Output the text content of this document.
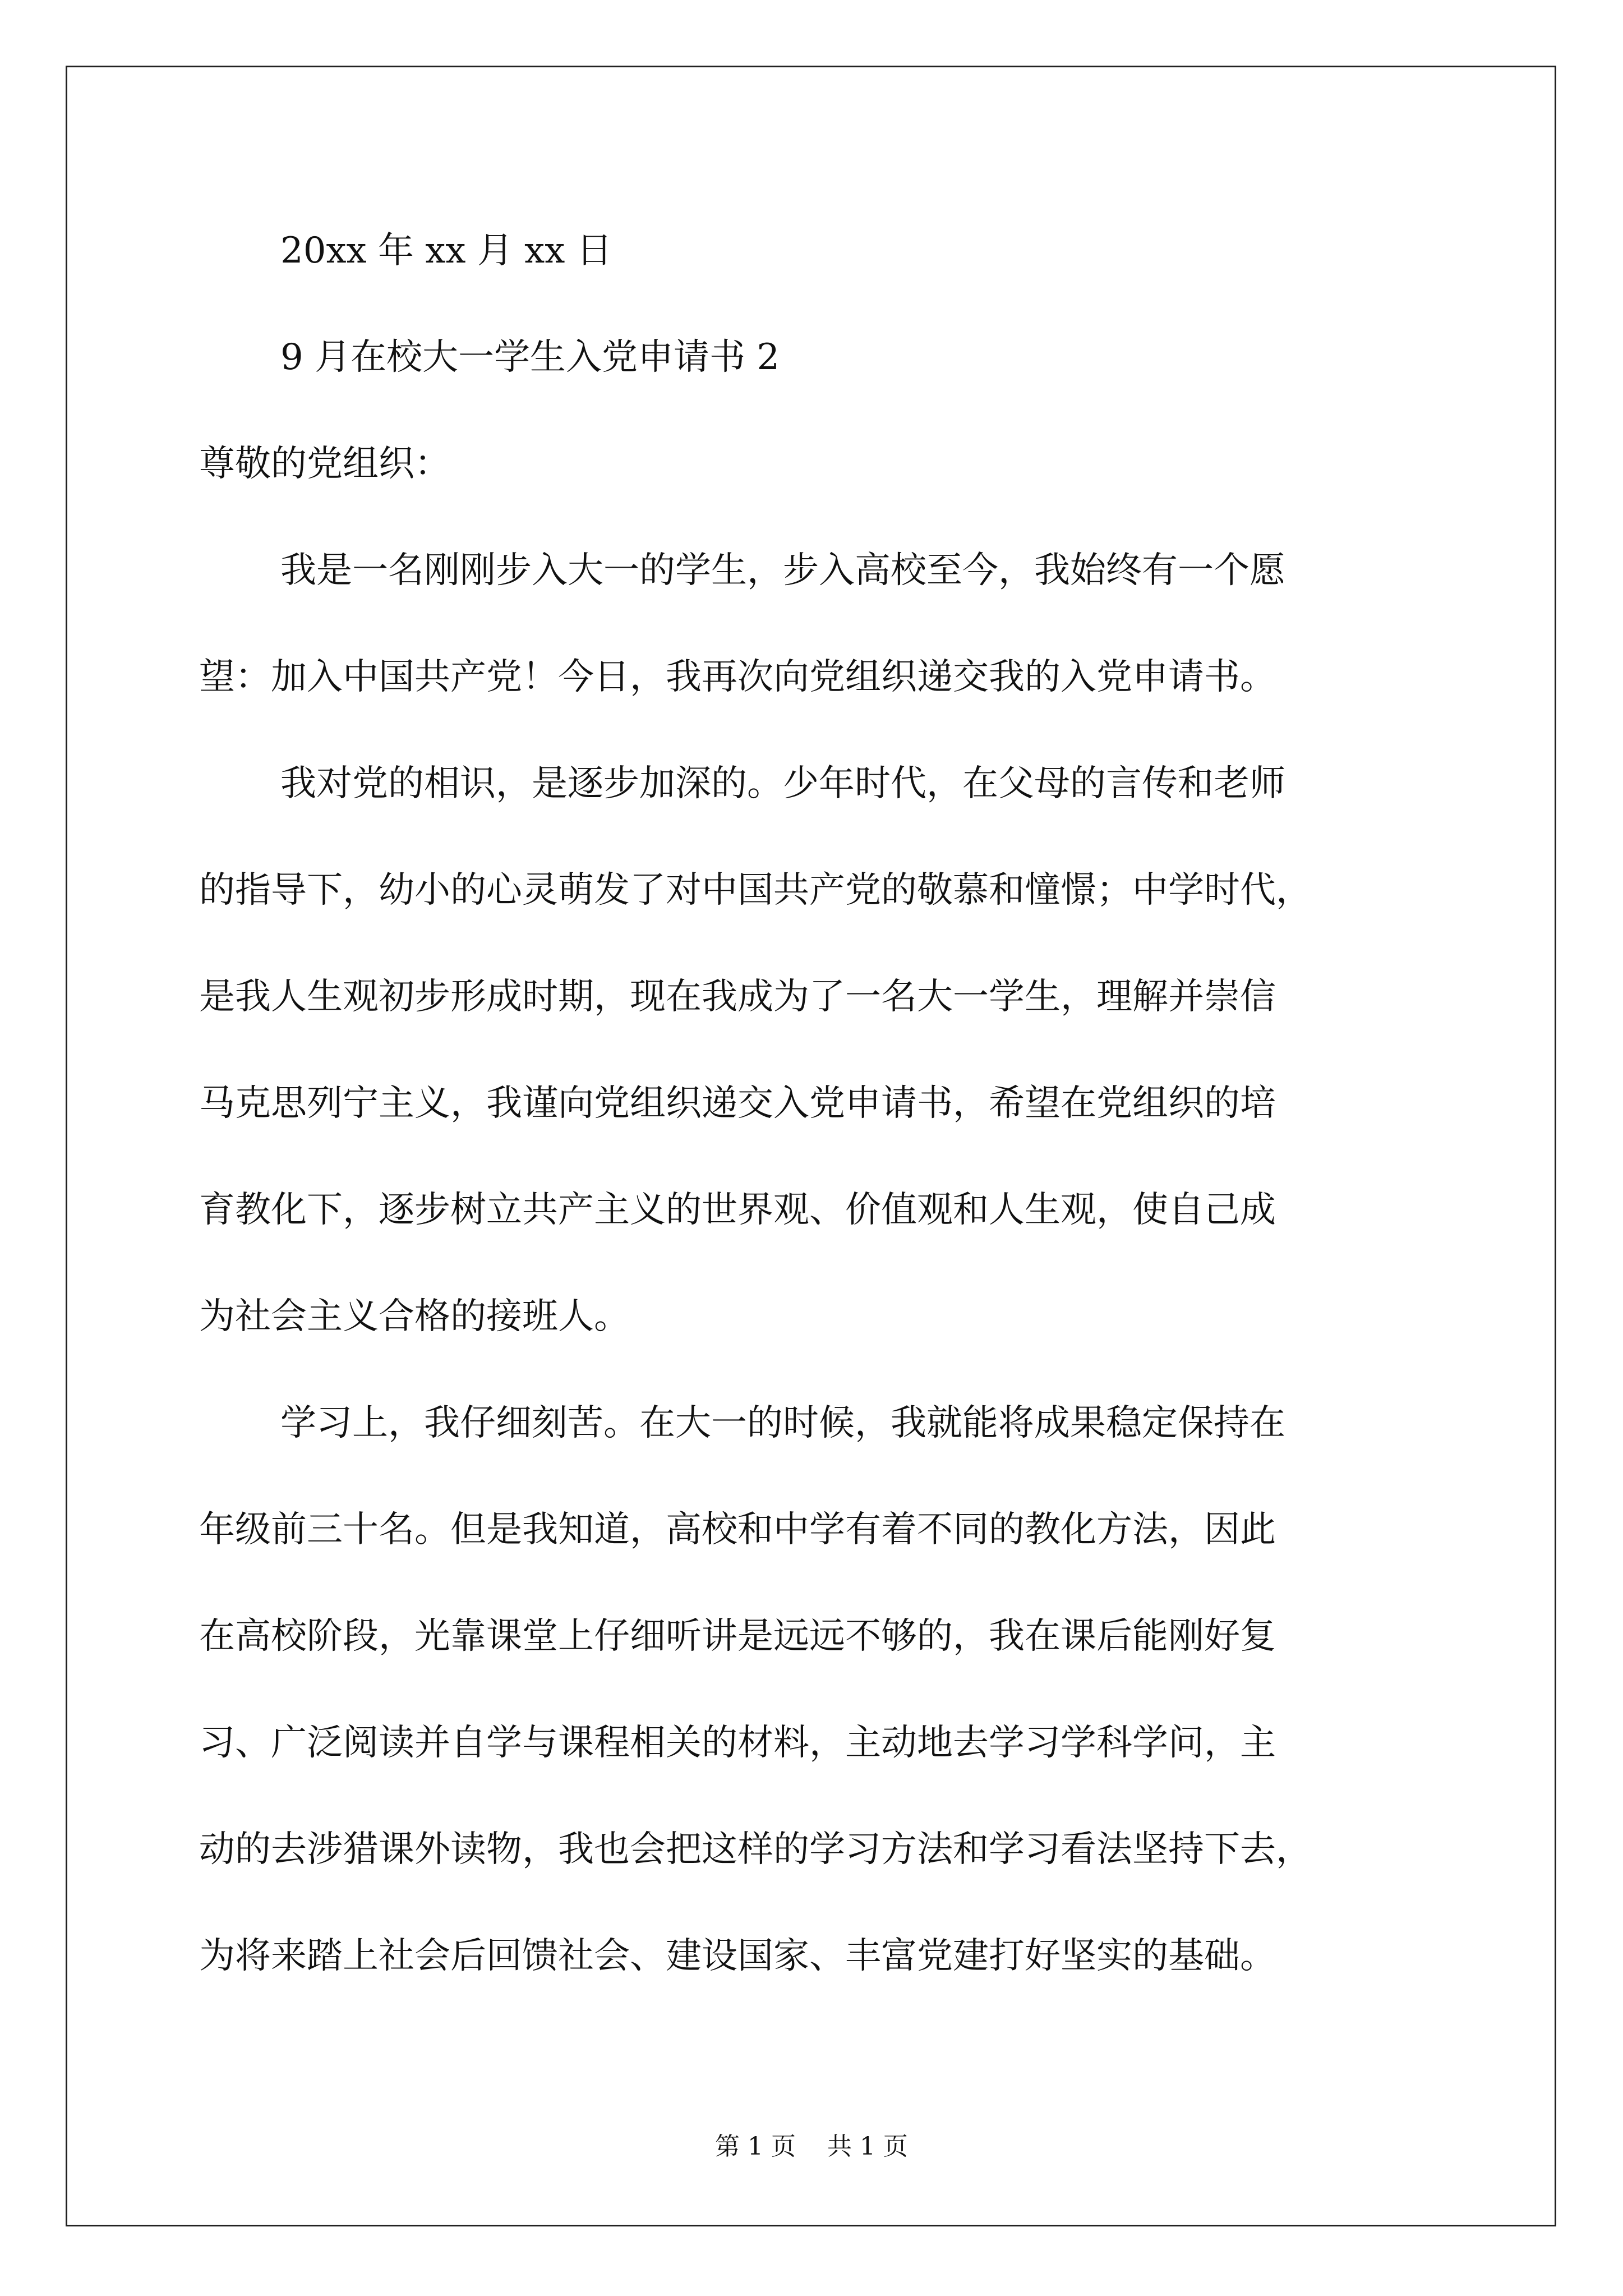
20xx 年 xx 月 xx 日

9 月在校大一学生入党申请书 2

尊敬的党组织：

我是一名刚刚步入大一的学生，步入高校至今，我始终有一个愿

望：加入中国共产党！今日，我再次向党组织递交我的入党申请书。

我对党的相识，是逐步加深的。少年时代，在父母的言传和老师

的指导下，幼小的心灵萌发了对中国共产党的敬慕和憧憬；中学时代，

是我人生观初步形成时期，现在我成为了一名大一学生，理解并崇信

马克思列宁主义，我谨向党组织递交入党申请书，希望在党组织的培

育教化下，逐步树立共产主义的世界观、价值观和人生观，使自己成

为社会主义合格的接班人。

学习上，我仔细刻苦。在大一的时候，我就能将成果稳定保持在

年级前三十名。但是我知道，高校和中学有着不同的教化方法，因此

在高校阶段，光靠课堂上仔细听讲是远远不够的，我在课后能刚好复

习、广泛阅读并自学与课程相关的材料，主动地去学习学科学问，主

动的去涉猎课外读物，我也会把这样的学习方法和学习看法坚持下去，

为将来踏上社会后回馈社会、建设国家、丰富党建打好坚实的基础。

第 1 页    共 1 页
